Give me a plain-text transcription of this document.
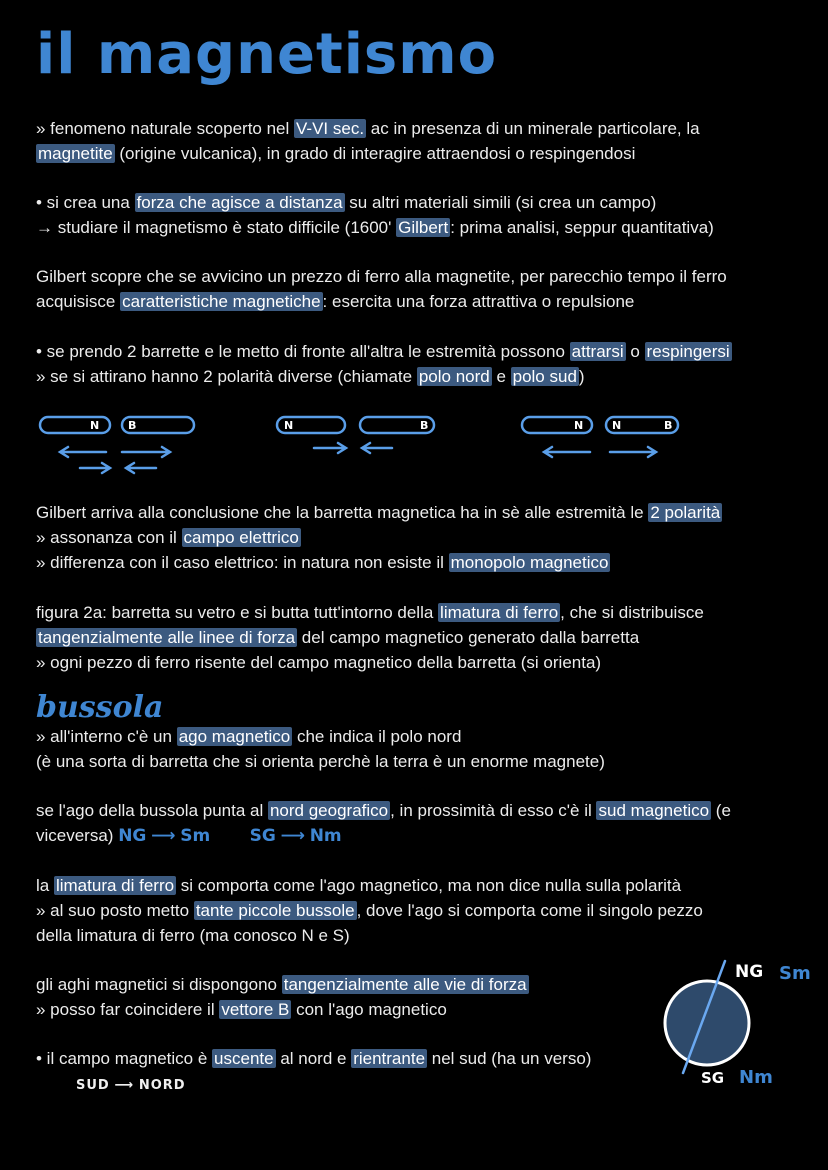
il magnetismo
» fenomeno naturale scoperto nel V-VI sec. ac in presenza di un minerale particolare, la
magnetite (origine vulcanica), in grado di interagire attraendosi o respingendosi
• si crea una forza che agisce a distanza su altri materiali simili (si crea un campo)
→ studiare il magnetismo è stato difficile (1600' Gilbert : prima analisi, seppur quantitativa)
Gilbert scopre che se avvicino un prezzo di ferro alla magnetite, per parecchio tempo il ferro
acquisisce caratteristiche magnetiche : esercita una forza attrattiva o repulsione
• se prendo 2 barrette e le metto di fronte all'altra le estremità possono attrarsi o respingersi
» se si attirano hanno 2 polarità diverse (chiamate polo nord e polo sud )
N	B	N	B	N	N	B
Gilbert arriva alla conclusione che la barretta magnetica ha in sè alle estremità le 2 polarità
» assonanza con il campo elettrico
» differenza con il caso elettrico: in natura non esiste il monopolo magnetico
figura 2a: barretta su vetro e si butta tutt'intorno della limatura di ferro , che si distribuisce
tangenzialmente alle linee di forza del campo magnetico generato dalla barretta
» ogni pezzo di ferro risente del campo magnetico della barretta (si orienta)
bussola
» all'interno c'è un ago magnetico che indica il polo nord
(è una sorta di barretta che si orienta perchè la terra è un enorme magnete)
se l'ago della bussola punta al nord geografico , in prossimità di esso c'è il sud magnetico (e
viceversa) NG ⟶ Sm SG ⟶ Nm
la limatura di ferro si comporta come l'ago magnetico, ma non dice nulla sulla polarità
» al suo posto metto tante piccole bussole , dove l'ago si comporta come il singolo pezzo
della limatura di ferro (ma conosco N e S)
gli aghi magnetici si dispongono tangenzialmente alle vie di forza
» posso far coincidere il vettore B con l'ago magnetico
• il campo magnetico è uscente al nord e rientrante nel sud (ha un verso)
SUD ⟶ NORD
NG Sm
SG Nm
